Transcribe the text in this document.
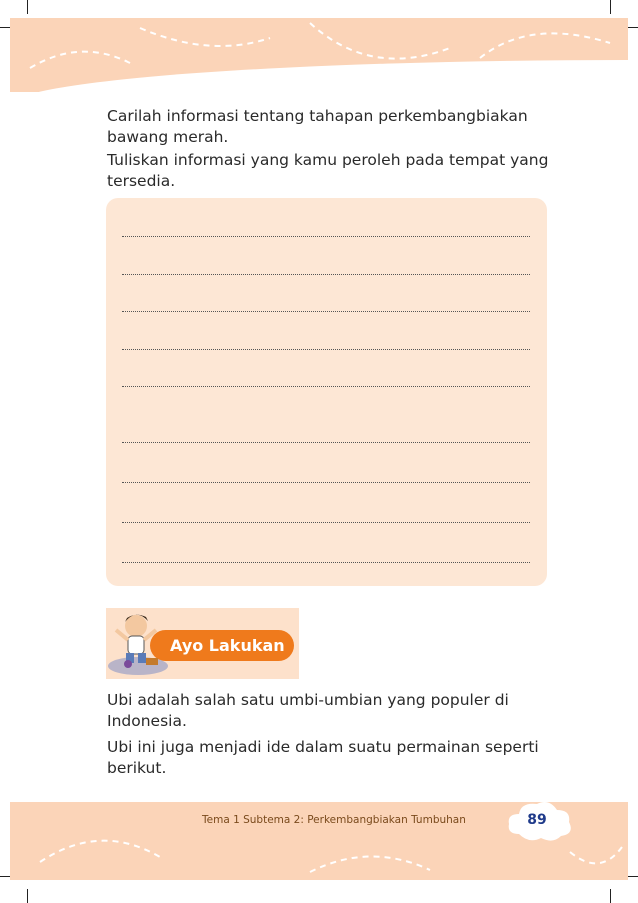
Carilah informasi tentang tahapan perkembangbiakan bawang merah.

Tuliskan informasi yang kamu peroleh pada tempat yang tersedia.

Ayo Lakukan

Ubi adalah salah satu umbi-umbian yang populer di Indonesia.

Ubi ini juga menjadi ide dalam suatu permainan seperti berikut.

Tema 1 Subtema 2: Perkembangbiakan Tumbuhan	89
